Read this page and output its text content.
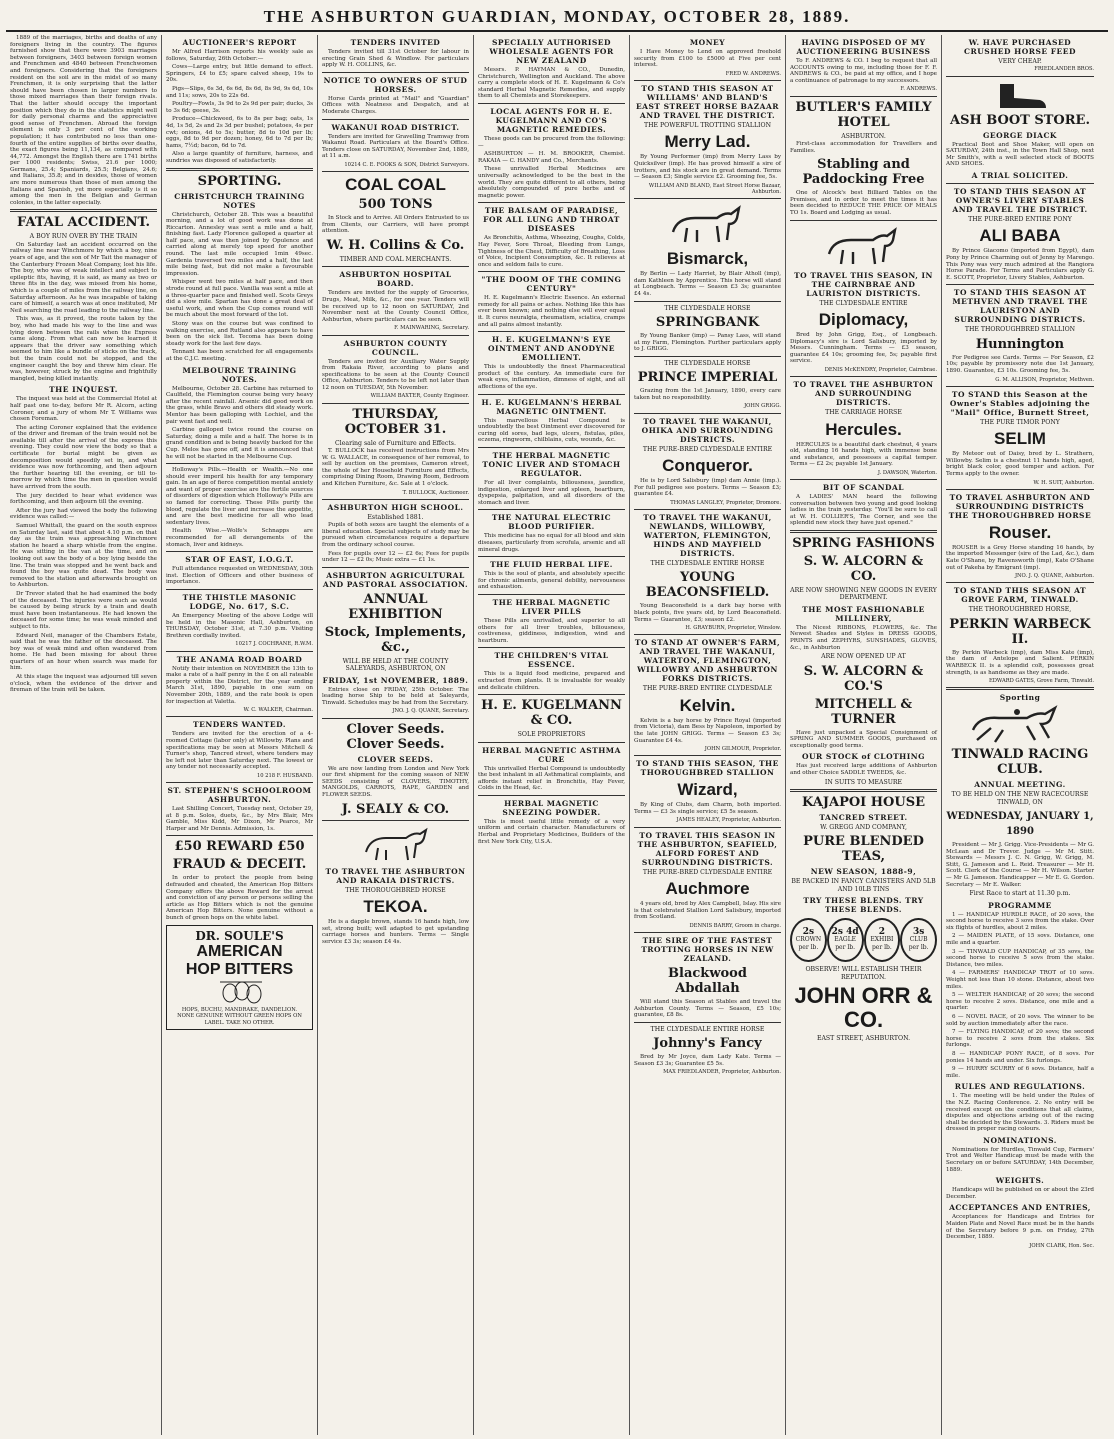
THE ASHBURTON GUARDIAN, MONDAY, OCTOBER 28, 1889.

1889 of the marriages, births and deaths of any foreigners living in the country. The figures furnished show that there were 3903 marriages between foreigners, 3403 between foreign women and Frenchmen and 4840 between Frenchwomen and foreigners. Considering that the foreigners resident on the soil are in the midst of so many Frenchmen, it is only surprising that the latter should have been chosen in larger numbers to those mixed marriages than their foreign rivals. That the latter should occupy the important position which they do in the statistics might well for daily personal charms and the appreciative good sense of Frenchmen. Abroad the foreign element is only 3 per cent of the working population; it has contributed no less than one-fourth of the entire supplies of births over deaths, the exact figures being 11,134, as compared with 44,772. Amongst the English there are 1741 births per 1000 residents; Swiss, 21.6 per 1000; Germans, 25.4; Spaniards, 25.5; Belgians, 24.6; and Italians, 35.8; and in desides, those of women are more numerous than those of men among the Italians and Spanish, yet more especially is it so among the men in the Belgian and German colonies, in the latter especially.

FATAL ACCIDENT.
A BOY RUN OVER BY THE TRAIN

On Saturday last an accident occurred on the railway line near Winchmore by which a boy, nine years of age, and the son of Mr Tait the manager of the Canterbury Frozen Meat Company, lost his life. The boy, who was of weak intellect and subject to epileptic fits, having, it is said, as many as two or three fits in the day, was missed from his home, which is a couple of miles from the railway line, on Saturday afternoon. As he was incapable of taking care of himself, a search was at once instituted, Mr Neil searching the road leading to the railway line.

This was, as it proved, the route taken by the boy, who had made his way to the line and was lying down between the rails when the Express came along. From what can now be learned it appears that the driver saw something which seemed to him like a bundle of sticks on the track, but the train could not be stopped, and the engineer caught the boy and threw him clear. He was, however, struck by the engine and frightfully mangled, being killed instantly.

THE INQUEST.

The inquest was held at the Commercial Hotel at half past one to-day, before Mr R. Alcorn, acting Coroner, and a jury of whom Mr T. Williams was chosen Foreman.

The acting Coroner explained that the evidence of the driver and fireman of the train would not be available till after the arrival of the express this evening. They could now view the body so that a certificate for burial might be given as decomposition would speedily set in, and what evidence was now forthcoming, and then adjourn the further hearing till the evening, or till to-morrow by which time the men in question would have arrived from the south.

The jury decided to hear what evidence was forthcoming, and then adjourn till the evening.

After the jury had viewed the body the following evidence was called:—

Samuel Whittall, the guard on the south express on Saturday last, said that about 4.10 p.m. on that day as the train was approaching Winchmore station he heard a sharp whistle from the engine. He was sitting in the van at the time, and on looking out saw the body of a boy lying beside the line. The train was stopped and he went back and found the boy was quite dead. The body was removed to the station and afterwards brought on to Ashburton.

Dr Trevor stated that he had examined the body of the deceased. The injuries were such as would be caused by being struck by a train and death must have been instantaneous. He had known the deceased for some time; he was weak minded and subject to fits.

Edward Neil, manager of the Chambers Estate, said that he was the father of the deceased. The boy was of weak mind and often wandered from home. He had been missing for about three quarters of an hour when search was made for him.

At this stage the inquest was adjourned till seven o'clock, when the evidence of the driver and fireman of the train will be taken.

AUCTIONEER'S REPORT

Mr Alfred Harrison reports his weekly sale as follows, Saturday, 26th October:—

Cows—Large entry, but little demand to effect. Springers, £4 to £5; spare calved sheep, 19s to 20s.

Pigs—Slips, 6s 3d, 6s 6d, 8s 6d, 8s 9d, 9s 6d, 10s and 11s; sows, 20s to 22s 6d.

Poultry—Fowls, 3s 9d to 2s 9d per pair; ducks, 3s to 3s 6d; geese, 3s.

Produce—Chickweed, 6s to 8s per bag; oats, 1s 4d, 1s 5d, 2s and 2s 3d per bushel; potatoes, 4s per cwt; onions, 4d to 5s; butter, 8d to 10d per lb; eggs, 8d to 9d per dozen; honey, 6d to 7d per lb; hams, 7½d; bacon, 6d to 7d.

Also a large quantity of furniture, harness, and sundries was disposed of satisfactorily.

SPORTING.
CHRISTCHURCH TRAINING NOTES

Christchurch, October 28. This was a beautiful morning, and a lot of good work was done at Riccarton. Annesley was sent a mile and a half, finishing fast. Lady Florence galloped a quarter at half pace, and was then joined by Opulence and carried along at merely top speed for another round. The last mile occupied 1min 49sec. Gardenia traversed two miles and a half, the last mile being fast, but did not make a favourable impression.

Whisper went two miles at half pace, and then strode round at full pace. Vanilla was sent a mile at a three-quarter pace and finished well. Scots Greys did a slow mile. Spartan has done a great deal of useful work, and when the Cup comes round will be much about the most forward of the lot.

Stony was on the course but was confined to walking exercise, and Rutland also appears to have been on the sick list. Tecoma has been doing steady work for the last few days.

Tennant has been scratched for all engagements at the C.J.C. meeting.

MELBOURNE TRAINING NOTES.

Melbourne, October 28. Carbine has returned to Caulfield, the Flemington course being very heavy after the recent rainfall. Arsenic did good work on the grass, while Bravo and others did steady work. Mentor has been galloping with Lochiel, and the pair went fast and well.

Carbine galloped twice round the course on Saturday, doing a mile and a half. The horse is in grand condition and is being heavily backed for the Cup. Melos has gone off, and it is announced that he will not be started in the Melbourne Cup.

Holloway's Pills.—Health or Wealth.—No one should ever imperil his health for any temporary gain. In an age of fierce competition mental anxiety and want of proper exercise are the fertile sources of disorders of digestion which Holloway's Pills are so famed for correcting. These Pills purify the blood, regulate the liver and increase the appetite, and are the best medicine for all who lead sedentary lives.

Health Wise.—Wolfe's Schnapps are recommended for all derangements of the stomach, liver and kidneys.

STAR OF EAST, I.O.G.T.

Full attendance requested on WEDNESDAY, 30th inst. Election of Officers and other business of importance.

THE THISTLE MASONIC LODGE, No. 617, S.C.

An Emergency Meeting of the above Lodge will be held in the Masonic Hall, Ashburton, on THURSDAY, October 31st, at 7.30 p.m. Visiting Brethren cordially invited.

10217 J. COCHRANE, R.W.M.
THE ANAMA ROAD BOARD

Notify their intention on NOVEMBER the 13th to make a rate of a half penny in the £ on all rateable property within the District, for the year ending March 31st, 1890, payable in one sum on November 20th, 1889, and the rate book is open for inspection at Valetta.

W. C. WALKER, Chairman.
TENDERS WANTED.

Tenders are invited for the erection of a 4-roomed Cottage (labor only) at Willowby. Plans and specifications may be seen at Messrs Mitchell & Turner's shop, Tancred street, where tenders may be left not later than Saturday next. The lowest or any tender not necessarily accepted.

10 218 F. HUSBAND.
ST. STEPHEN'S SCHOOLROOM ASHBURTON.

Last Shilling Concert, Tuesday next, October 29, at 8 p.m. Solos, duets, &c., by Mrs Blair, Mrs Gamble, Miss Kidd, Mr Dixon, Mr Pearce, Mr Harper and Mr Dennis. Admission, 1s.

£50 REWARD £50
FRAUD & DECEIT.

In order to protect the people from being defrauded and cheated, the American Hop Bitters Company offers the above Reward for the arrest and conviction of any person or persons selling the article as Hop Bitters which is not the genuine American Hop Bitters. None genuine without a bunch of green hops on the white label.

DR. SOULE'S
AMERICAN
HOP BITTERS
HOPS, BUCHU, MANDRAKE, DANDELION.
NONE GENUINE WITHOUT GREEN HOPS ON LABEL. TAKE NO OTHER.
TENDERS INVITED

Tenders invited till 31st October for labour in erecting Grain Shed & Windlow. For particulars apply W. H. COLLINS, &c.

NOTICE TO OWNERS OF STUD HORSES.

Horse Cards printed at "Mail" and "Guardian" Offices with Neatness and Despatch, and at Moderate Charges.

WAKANUI ROAD DISTRICT.

Tenders are invited for Gravelling Tramway from Wakanui Road. Particulars at the Board's Office. Tenders close on SATURDAY, November 2nd, 1889, at 11 a.m.

10214 C. E. FOOKS & SON, District Surveyors.
COAL COAL
500 TONS

In Stock and to Arrive. All Orders Entrusted to us from Clients, our Carriers, will have prompt attention.

W. H. Collins & Co.
TIMBER AND COAL MERCHANTS.
ASHBURTON HOSPITAL BOARD.

Tenders are invited for the supply of Groceries, Drugs, Meat, Milk, &c., for one year. Tenders will be received up to 12 noon on SATURDAY, 2nd November next at the County Council Office, Ashburton, where particulars can be seen.

F. MAINWARING, Secretary.
ASHBURTON COUNTY COUNCIL.

Tenders are invited for Auxiliary Water Supply from Rakaia River, according to plans and specifications to be seen at the County Council Office, Ashburton. Tenders to be left not later than 12 noon on TUESDAY, 5th November.

WILLIAM BAXTER, County Engineer.
THURSDAY, OCTOBER 31.
Clearing sale of Furniture and Effects.

T. BULLOCK has received instructions from Mrs W. G. WALLACE, in consequence of her removal, to sell by auction on the premises, Cameron street, the whole of her Household Furniture and Effects, comprising Dining Room, Drawing Room, Bedroom and Kitchen Furniture, &c. Sale at 1 o'clock.

T. BULLOCK, Auctioneer.
ASHBURTON HIGH SCHOOL.
Established 1881.

Pupils of both sexes are taught the elements of a liberal education. Special subjects of study may be pursued when circumstances require a departure from the ordinary school course.

Fees for pupils over 12 — £2 6s; Fees for pupils under 12 — £2 0s; Music extra — £1 1s.

ASHBURTON AGRICULTURAL AND PASTORAL ASSOCIATION.
ANNUAL EXHIBITION
Stock, Implements, &c.,
WILL BE HELD AT THE COUNTY SALEYARDS, ASHBURTON, ON
FRIDAY, 1st NOVEMBER, 1889.

Entries close on FRIDAY, 25th October. The leading horse Ship to be held at Saleyards, Tinwald. Schedules may be had from the Secretary.

JNO. J. Q. QUANE, Secretary.
Clover Seeds. Clover Seeds.
CLOVER SEEDS.

We are now landing from London and New York our first shipment for the coming season of NEW SEEDS consisting of CLOVERS, TIMOTHY, MANGOLDS, CARROTS, RAPE, GARDEN and FLOWER SEEDS.

J. SEALY & CO.
TO TRAVEL THE ASHBURTON AND RAKAIA DISTRICTS.
THE THOROUGHBRED HORSE
TEKOA.

He is a dapple brown, stands 16 hands high, low set, strong built; well adapted to get upstanding carriage horses and hunters. Terms — Single service £3 3s; season £4 4s.

SPECIALLY AUTHORISED WHOLESALE AGENTS FOR NEW ZEALAND

Messrs. P. HAYMAN & CO., Dunedin, Christchurch, Wellington and Auckland. The above carry a complete stock of H. E. Kugelmann & Co's standard Herbal Magnetic Remedies, and supply them to all Chemists and Storekeepers.

LOCAL AGENTS FOR H. E. KUGELMANN AND CO'S MAGNETIC REMEDIES.

These goods can be procured from the following:—

ASHBURTON — H. M. BROOKER, Chemist. RAKAIA — C. HANDY and Co., Merchants.

These unrivalled Herbal Medicines are universally acknowledged to be the best in the world. They are quite different to all others, being absolutely compounded of pure herbs and of magnetic power.

THE BALSAM OF PARADISE, FOR ALL LUNG AND THROAT DISEASES

As Bronchitis, Asthma, Wheezing, Coughs, Colds, Hay Fever, Sore Throat, Bleeding from Lungs, Tightness of the Chest, Difficulty of Breathing, Loss of Voice, Incipient Consumption, &c. It relieves at once and seldom fails to cure.

"THE DOOM OF THE COMING CENTURY"

H. E. Kugelmann's Electric Essence. An external remedy for all pains or aches. Nothing like this has ever been known; and nothing else will ever equal it. It cures neuralgia, rheumatism, sciatica, cramps and all pains almost instantly.

H. E. KUGELMANN'S EYE OINTMENT AND ANODYNE EMOLLIENT.

This is undoubtedly the finest Pharmaceutical product of the century. An immediate cure for weak eyes, inflammation, dimness of sight, and all affections of the eye.

H. E. KUGELMANN'S HERBAL MAGNETIC OINTMENT.

This marvellous Herbal Compound is undoubtedly the best Ointment ever discovered for curing old sores, bad legs, ulcers, fistulas, piles, eczema, ringworm, chilblains, cuts, wounds, &c.

THE HERBAL MAGNETIC TONIC LIVER AND STOMACH REGULATOR.

For all liver complaints, biliousness, jaundice, indigestion, enlarged liver and spleen, heartburn, dyspepsia, palpitation, and all disorders of the stomach and liver.

THE NATURAL ELECTRIC BLOOD PURIFIER.

This medicine has no equal for all blood and skin diseases, particularly from scrofula, arsenic and all mineral drugs.

THE FLUID HERBAL LIFE.

This is the soul of plants, and absolutely specific for chronic ailments, general debility, nervousness and exhaustion.

THE HERBAL MAGNETIC LIVER PILLS

These Pills are unrivalled, and superior to all others for all liver troubles, biliousness, costiveness, giddiness, indigestion, wind and heartburn.

THE CHILDREN'S VITAL ESSENCE.

This is a liquid food medicine, prepared and extracted from plants. It is invaluable for weakly and delicate children.

H. E. KUGELMANN & CO.
SOLE PROPRIETORS
HERBAL MAGNETIC ASTHMA CURE

This unrivalled Herbal Compound is undoubtedly the best inhalant in all Asthmatical complaints, and affords instant relief in Bronchitis, Hay Fever, Colds in the Head, &c.

HERBAL MAGNETIC SNEEZING POWDER.

This is most useful little remedy of a very uniform and certain character. Manufacturers of Herbal and Proprietary Medicines, Builders of the first New York City, U.S.A.

MONEY

I Have Money to Lend on approved freehold security from £100 to £5000 at Five per cent interest.

FRED W. ANDREWS.
TO STAND THIS SEASON AT WILLIAMS' AND BLAND'S EAST STREET HORSE BAZAAR AND TRAVEL THE DISTRICT.
THE POWERFUL TROTTING STALLION
Merry Lad.

By Young Performer (imp) from Merry Lass by Quicksilver (imp). He has proved himself a sire of trotters, and his stock are in great demand. Terms — Season £3; Single service £2. Grooming fee, 5s.

WILLIAM AND BLAND, East Street Horse Bazaar, Ashburton.
Bismarck,

By Berlin — Lady Harriet, by Blair Atholl (imp), dam Kathleen by Apprentice. This horse will stand at Longbeach. Terms — Season £3 3s; guarantee £4 4s.

THE CLYDESDALE HORSE
SPRINGBANK

By Young Banker (imp) — Pansy Lass, will stand at my Farm, Flemington. Further particulars apply to J. GRIGG.

THE CLYDESDALE HORSE
PRINCE IMPERIAL

Grazing from the 1st January, 1890, every care taken but no responsibility.

JOHN GRIGG.
TO TRAVEL THE WAKANUI, OHIKA AND SURROUNDING DISTRICTS.
THE PURE-BRED CLYDESDALE ENTIRE
Conqueror.

He is by Lord Salisbury (imp) dam Annie (imp.). For full pedigree see posters. Terms — Season £3; guarantee £4.

THOMAS LANGLEY, Proprietor, Dromore.
TO TRAVEL THE WAKANUI, NEWLANDS, WILLOWBY, WATERTON, FLEMINGTON, HINDS AND MAYFIELD DISTRICTS.
THE CLYDESDALE ENTIRE HORSE
YOUNG BEACONSFIELD.

Young Beaconsfield is a dark bay horse with black points, five years old, by Lord Beaconsfield. Terms — Guarantee, £3; season £2.

H. GRAYBURN, Proprietor, Winslow.
TO STAND AT OWNER'S FARM, AND TRAVEL THE WAKANUI, WATERTON, FLEMINGTON, WILLOWBY AND ASHBURTON FORKS DISTRICTS.
THE PURE-BRED ENTIRE CLYDESDALE
Kelvin.

Kelvin is a bay horse by Prince Royal (imported from Victoria), dam Bess by Napoleon, imported by the late JOHN GRIGG. Terms — Season £3 3s; Guarantee £4 4s.

JOHN GILMOUR, Proprietor.
TO STAND THIS SEASON, THE THOROUGHBRED STALLION
Wizard,

By King of Clubs, dam Charm, both imported. Terms — £3 3s single service; £5 5s season.

JAMES HEALEY, Proprietor, Ashburton.
TO TRAVEL THIS SEASON IN THE ASHBURTON, SEAFIELD, ALFORD FOREST AND SURROUNDING DISTRICTS.
THE PURE-BRED CLYDESDALE ENTIRE
Auchmore

4 years old, bred by Alex Campbell, Islay. His sire is that celebrated Stallion Lord Salisbury, imported from Scotland.

DENNIS BARRY, Groom in charge.
THE SIRE OF THE FASTEST TROTTING HORSES IN NEW ZEALAND.
Blackwood Abdallah

Will stand this Season at Stables and travel the Ashburton County. Terms — Season, £5 10s; guarantee, £8 8s.

THE CLYDESDALE ENTIRE HORSE
Johnny's Fancy

Bred by Mr Joyce, dam Lady Kate. Terms — Season £3 3s; Guarantee £5 5s.

MAX FRIEDLANDER, Proprietor, Ashburton.
HAVING DISPOSED OF MY AUCTIONEERING BUSINESS

To F. ANDREWS & CO. I beg to request that all ACCOUNTS owing to me, including those for F. F. ANDREWS & CO., be paid at my office, and I hope a continuance of patronage to my successors.

F. ANDREWS.
BUTLER'S FAMILY HOTEL
ASHBURTON.

First-class accommodation for Travellers and Families.

Stabling and Paddocking Free

One of Alcock's best Billiard Tables on the Premises, and in order to meet the times it has been decided to REDUCE THE PRICE OF MEALS TO 1s. Board and Lodging as usual.

TO TRAVEL THIS SEASON, IN THE CAIRNBRAE AND LAURISTON DISTRICTS.
THE CLYDESDALE ENTIRE
Diplomacy,

Bred by John Grigg, Esq., of Longbeach. Diplomacy's sire is Lord Salisbury, imported by Messrs. Cunningham. Terms — £3 season, guarantee £4 10s; grooming fee, 5s; payable first service.

DENIS McKENDRY, Proprietor, Cairnbrae.
TO TRAVEL THE ASHBURTON AND SURROUNDING DISTRICTS.
THE CARRIAGE HORSE
Hercules.

HERCULES is a beautiful dark chestnut, 4 years old, standing 16 hands high, with immense bone and substance, and possesses a capital temper. Terms — £2 2s; payable 1st January.

J. DAWSON, Waterton.
BIT OF SCANDAL

A LADIES' MAN heard the following conversation between two young and good looking ladies in the train yesterday. "You'll be sure to call at W. H. COLLIER'S, The Corner, and see the splendid new stock they have just opened."

SPRING FASHIONS
S. W. ALCORN & CO.
ARE NOW SHOWING NEW GOODS IN EVERY DEPARTMENT.
THE MOST FASHIONABLE MILLINERY,

The Nicest RIBBONS, FLOWERS, &c. The Newest Shades and Styles in DRESS GOODS, PRINTS and ZEPHYRS, SUNSHADES, GLOVES, &c., in Ashburton

ARE NOW OPENED UP AT
S. W. ALCORN & CO.'S
MITCHELL & TURNER

Have just unpacked a Special Consignment of SPRING AND SUMMER GOODS, purchased on exceptionally good terms.

OUR STOCK of CLOTHING

Has just received large additions of Ashburton and other Choice SADDLE TWEEDS, &c.

IN SUITS TO MEASURE
KAJAPOI HOUSE
TANCRED STREET.
W. GREGG AND COMPANY,
PURE BLENDED TEAS,
NEW SEASON, 1888-9,
BE PACKED IN FANCY CANISTERS AND 5LB AND 10LB TINS
TRY THESE BLENDS. TRY THESE BLENDS.
2s
CROWN
per lb.
2s 4d
EAGLE
per lb.
2
EXHIBI
per lb.
3s
CLUB
per lb.
OBSERVE! WILL ESTABLISH THEIR REPUTATION.
JOHN ORR & CO.
EAST STREET, ASHBURTON.
W. HAVE PURCHASED CRUSHED HORSE FEED
VERY CHEAP.
FRIEDLANDER BROS.
ASH BOOT STORE.
GEORGE DIACK

Practical Boot and Shoe Maker, will open on SATURDAY, 24th inst., in the Town Hall Shop, next Mr Smith's, with a well selected stock of BOOTS AND SHOES.

A TRIAL SOLICITED.
TO STAND THIS SEASON AT OWNER'S LIVERY STABLES AND TRAVEL THE DISTRICT.
THE PURE-BRED ENTIRE PONY
ALI BABA

By Prince Giacomo (imported from Egypt), dam Pony by Prince Charming out of Jenny by Marengo. This Pony was very much admired at the Rangiora Horse Parade. For Terms and Particulars apply G. E. SCOTT, Proprietor, Livery Stables, Ashburton.

TO STAND THIS SEASON AT METHVEN AND TRAVEL THE LAURISTON AND SURROUNDING DISTRICTS.
THE THOROUGHBRED STALLION
Hunnington

For Pedigree see Cards. Terms — For Season, £2 10s; payable by promissory note due 1st January, 1890. Guarantee, £3 10s. Grooming fee, 5s.

G. M. ALLISON, Proprietor, Methven.
TO STAND this Season at the Owner's Stables adjoining the "Mail" Office, Burnett Street,
THE PURE TIMOR PONY
SELIM

By Meteor out of Daisy, bred by L. Strathern, Willowby. Selim is a chestnut 11 hands high, aged, bright black color, good temper and action. For Terms apply to the owner.

W. H. SUIT, Ashburton.
TO TRAVEL ASHBURTON AND SURROUNDING DISTRICTS THE THOROUGHBRED HORSE
Rouser.

ROUSER is a Grey Horse standing 16 hands, by the imported Messenger (sire of the Lad, &c.), dam Kate O'Shane, by Ravensworth (imp), Kate O'Shane out of Pakeha by Emigrant (imp).

JNO. J. Q. QUANE, Ashburton.
TO STAND THIS SEASON AT GROVE FARM, TINWALD.
THE THOROUGHBRED HORSE,
PERKIN WARBECK II.

By Perkin Warbeck (imp), dam Miss Kate (imp), the dam of Antelope and Salient. PERKIN WARBECK II. is a splendid colt, possesses great strength, is as handsome as they are made.

EDWARD GATES, Grove Farm, Tinwald.
Sporting
TINWALD RACING CLUB.
ANNUAL MEETING.
TO BE HELD ON THE NEW RACECOURSE TINWALD, ON
WEDNESDAY, JANUARY 1, 1890

President — Mr J. Grigg. Vice-Presidents — Mr G. McLean and Dr Trevor. Judge — Mr M. Stitt. Stewards — Messrs J. C. N. Grigg, W. Grigg, M. Stitt, G. Jameson and L. Reid. Treasurer — Mr H. Scott. Clerk of the Course — Mr H. Wilson. Starter — Mr G. Jameson. Handicapper — Mr E. G. Gordon. Secretary — Mr E. Walker.

First Race to start at 11.30 p.m.
PROGRAMME

1 — HANDICAP HURDLE RACE, of 20 sovs, the second horse to receive 3 sovs from the stake. Over six flights of hurdles, about 2 miles.

2 — MAIDEN PLATE, of 15 sovs. Distance, one mile and a quarter.

3 — TINWALD CUP HANDICAP, of 35 sovs, the second horse to receive 5 sovs from the stake. Distance, two miles.

4 — FARMERS' HANDICAP TROT of 10 sovs. Weight not less than 10 stone. Distance, about two miles.

5 — WELTER HANDICAP, of 20 sovs; the second horse to receive 2 sovs. Distance, one mile and a quarter.

6 — NOVEL RACE, of 20 sovs. The winner to be sold by auction immediately after the race.

7 — FLYING HANDICAP, of 20 sovs; the second horse to receive 2 sovs from the stakes. Six furlongs.

8 — HANDICAP PONY RACE, of 8 sovs. For ponies 14 hands and under. Six furlongs.

9 — HURRY SCURRY of 6 sovs. Distance, half a mile.

RULES AND REGULATIONS.

1. The meeting will be held under the Rules of the N.Z. Racing Conference. 2. No entry will be received except on the conditions that all claims, disputes and objections arising out of the racing shall be decided by the Stewards. 3. Riders must be dressed in proper racing colours.

NOMINATIONS.

Nominations for Hurdles, Tinwald Cup, Farmers' Trot and Welter Handicap must be made with the Secretary on or before SATURDAY, 14th December, 1889.

WEIGHTS.

Handicaps will be published on or about the 23rd December.

ACCEPTANCES AND ENTRIES,

Acceptances for Handicaps and Entries for Maiden Plate and Novel Race must be in the hands of the Secretary before 9 p.m. on Friday, 27th December, 1889.

JOHN CLARK, Hon. Sec.
